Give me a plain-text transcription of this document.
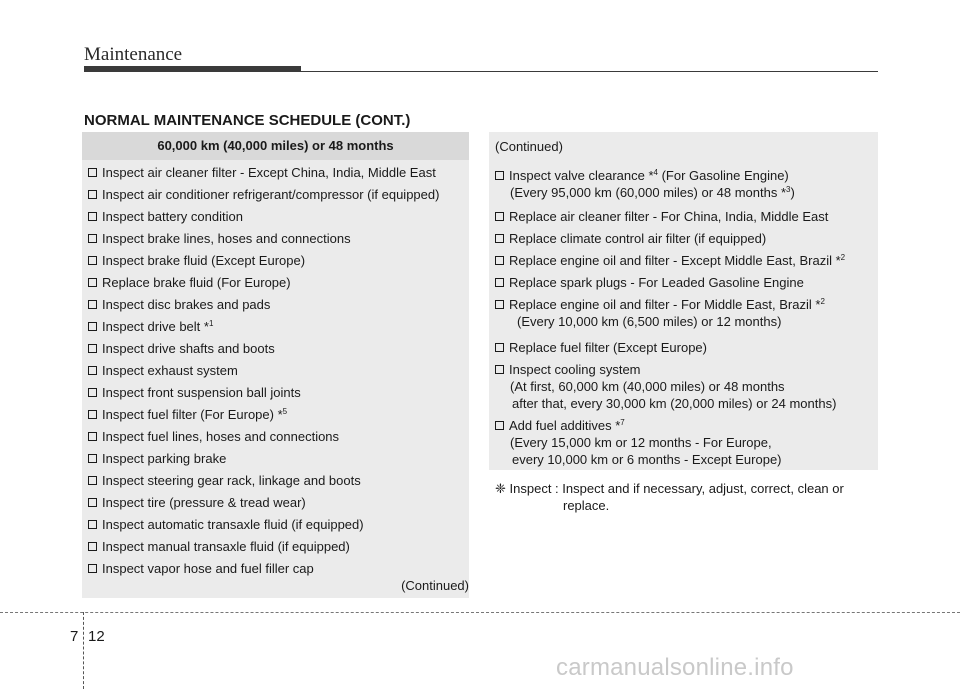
Maintenance
NORMAL MAINTENANCE SCHEDULE (CONT.)
60,000 km (40,000 miles) or 48 months
Inspect air cleaner filter - Except China, India, Middle East
Inspect air conditioner refrigerant/compressor (if equipped)
Inspect battery condition
Inspect brake lines, hoses and connections
Inspect brake fluid (Except Europe)
Replace brake fluid (For Europe)
Inspect disc brakes and pads
Inspect drive belt *$^1$
Inspect drive shafts and boots
Inspect exhaust system
Inspect front suspension ball joints
Inspect fuel filter (For Europe) *$^5$
Inspect fuel lines, hoses and connections
Inspect parking brake
Inspect steering gear rack, linkage and boots
Inspect tire (pressure & tread wear)
Inspect automatic transaxle fluid (if equipped)
Inspect manual transaxle fluid (if equipped)
Inspect vapor hose and fuel filler cap
(Continued)
(Continued)
Inspect valve clearance *$^4$ (For Gasoline Engine)
(Every 95,000 km (60,000 miles) or 48 months *$^3$)
Replace air cleaner filter - For China, India, Middle East
Replace climate control air filter (if equipped)
Replace engine oil and filter - Except Middle East, Brazil *$^2$
Replace spark plugs - For Leaded Gasoline Engine
Replace engine oil and filter - For Middle East, Brazil *$^2$
(Every 10,000 km (6,500 miles) or 12 months)
Replace fuel filter (Except Europe)
Inspect cooling system
(At first, 60,000 km (40,000 miles) or 48 months
after that, every 30,000 km (20,000 miles) or 24 months)
Add fuel additives *$^7$
(Every 15,000 km or 12 months - For Europe,
every 10,000 km or 6 months - Except Europe)
❈ Inspect : Inspect and if necessary, adjust, correct, clean or
replace.
7 12
carmanualsonline.info
